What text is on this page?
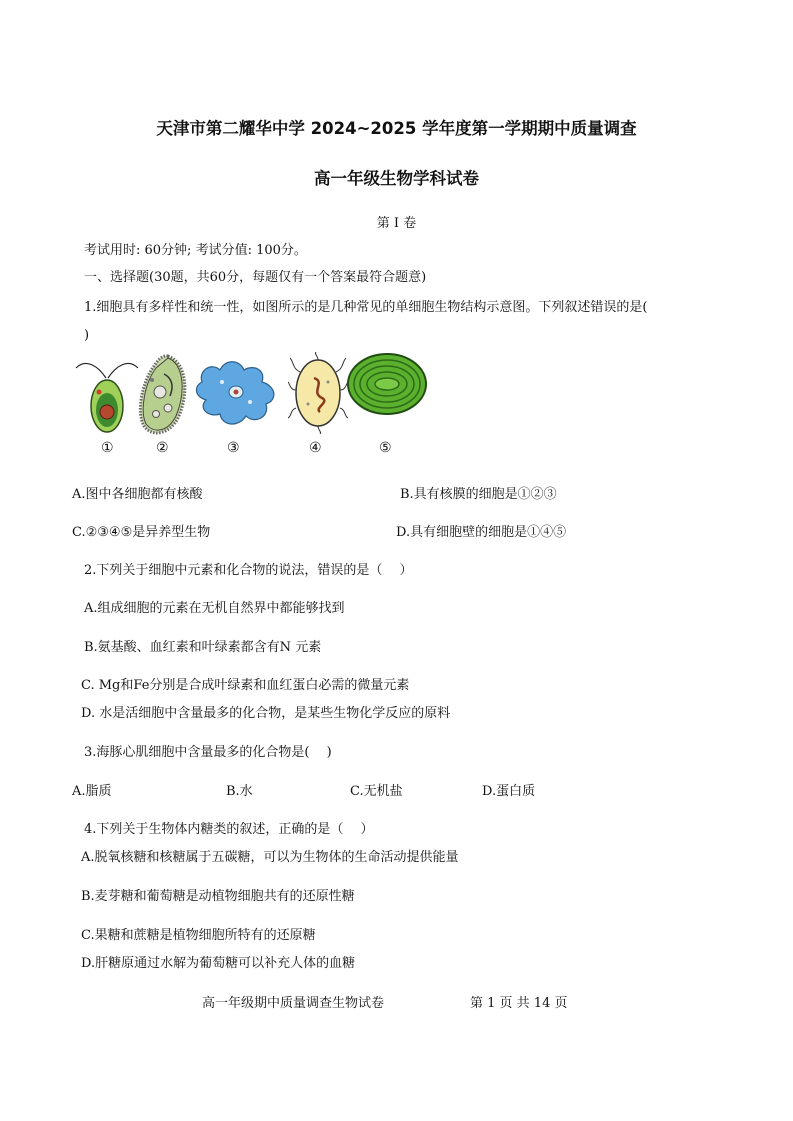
天津市第二耀华中学 2024~2025 学年度第一学期期中质量调查
高一年级生物学科试卷
第 Ⅰ 卷
考试用时: 60分钟; 考试分值: 100分。
一、选择题(30题，共60分，每题仅有一个答案最符合题意)
1.细胞具有多样性和统一性，如图所示的是几种常见的单细胞生物结构示意图。下列叙述错误的是(
)
①	②	③	④	⑤
A.图中各细胞都有核酸	B.具有核膜的细胞是①②③
C.②③④⑤是异养型生物	D.具有细胞壁的细胞是①④⑤
2.下列关于细胞中元素和化合物的说法，错误的是（　 ）
A.组成细胞的元素在无机自然界中都能够找到
B.氨基酸、血红素和叶绿素都含有N 元素
C. Mg和Fe分别是合成叶绿素和血红蛋白必需的微量元素
D. 水是活细胞中含量最多的化合物，是某些生物化学反应的原料
3.海豚心肌细胞中含量最多的化合物是(　 )
A.脂质	B.水	C.无机盐	D.蛋白质
4.下列关于生物体内糖类的叙述，正确的是（　 ）
A.脱氧核糖和核糖属于五碳糖，可以为生物体的生命活动提供能量
B.麦芽糖和葡萄糖是动植物细胞共有的还原性糖
C.果糖和蔗糖是植物细胞所特有的还原糖
D.肝糖原通过水解为葡萄糖可以补充人体的血糖
高一年级期中质量调查生物试卷	第 1 页 共 14 页
